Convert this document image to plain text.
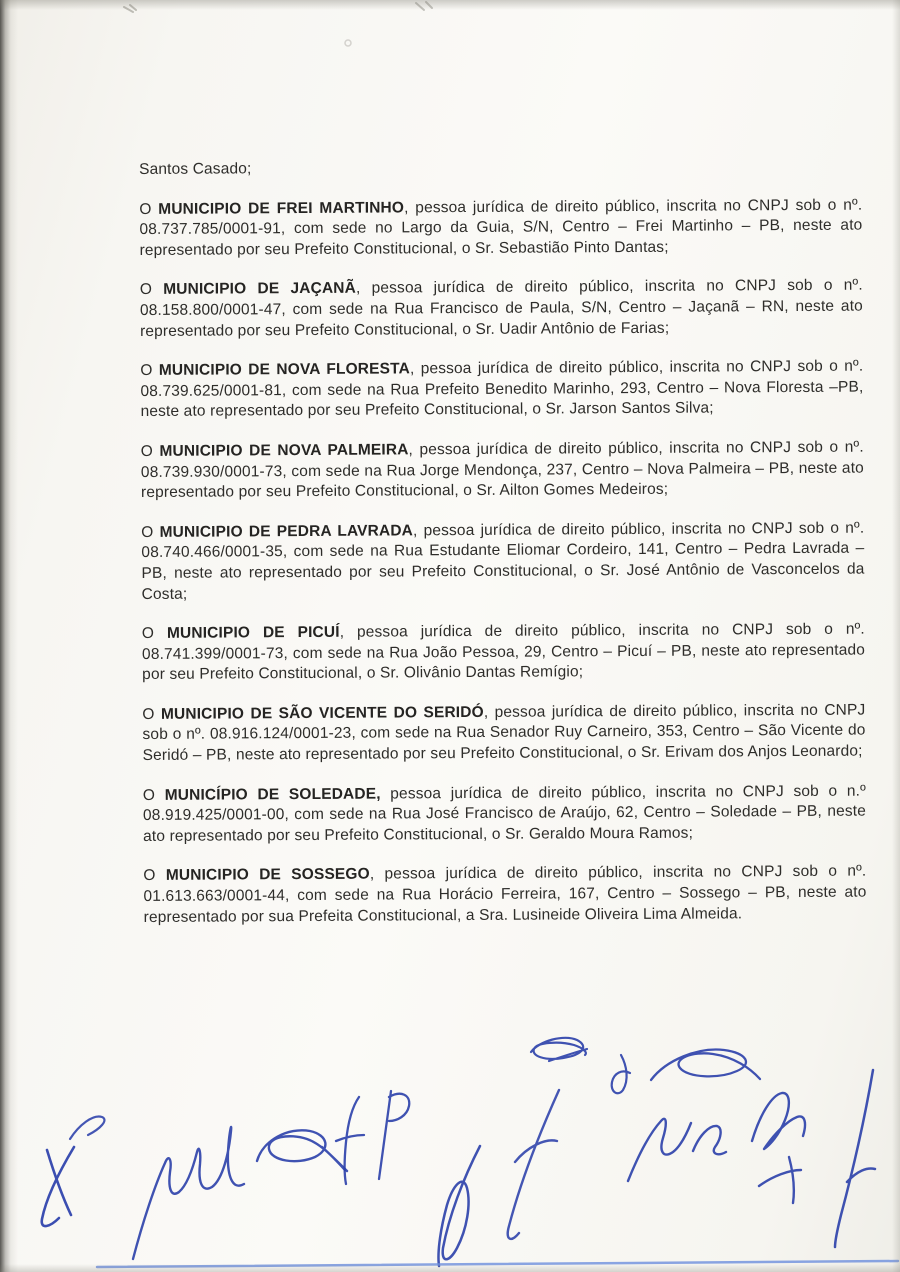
Santos Casado;

O MUNICIPIO DE FREI MARTINHO, pessoa jurídica de direito público, inscrita no CNPJ sob o nº. 08.737.785/0001-91, com sede no Largo da Guia, S/N, Centro – Frei Martinho – PB, neste ato representado por seu Prefeito Constitucional, o Sr. Sebastião Pinto Dantas;

O MUNICIPIO DE JAÇANÃ, pessoa jurídica de direito público, inscrita no CNPJ sob o nº. 08.158.800/0001-47, com sede na Rua Francisco de Paula, S/N, Centro – Jaçanã – RN, neste ato representado por seu Prefeito Constitucional, o Sr. Uadir Antônio de Farias;

O MUNICIPIO DE NOVA FLORESTA, pessoa jurídica de direito público, inscrita no CNPJ sob o nº. 08.739.625/0001-81, com sede na Rua Prefeito Benedito Marinho, 293, Centro – Nova Floresta –PB, neste ato representado por seu Prefeito Constitucional, o Sr. Jarson Santos Silva;

O MUNICIPIO DE NOVA PALMEIRA, pessoa jurídica de direito público, inscrita no CNPJ sob o nº. 08.739.930/0001-73, com sede na Rua Jorge Mendonça, 237, Centro – Nova Palmeira – PB, neste ato representado por seu Prefeito Constitucional, o Sr. Ailton Gomes Medeiros;

O MUNICIPIO DE PEDRA LAVRADA, pessoa jurídica de direito público, inscrita no CNPJ sob o nº. 08.740.466/0001-35, com sede na Rua Estudante Eliomar Cordeiro, 141, Centro – Pedra Lavrada – PB, neste ato representado por seu Prefeito Constitucional, o Sr. José Antônio de Vasconcelos da Costa;

O MUNICIPIO DE PICUÍ, pessoa jurídica de direito público, inscrita no CNPJ sob o nº. 08.741.399/0001-73, com sede na Rua João Pessoa, 29, Centro – Picuí – PB, neste ato representado por seu Prefeito Constitucional, o Sr. Olivânio Dantas Remígio;

O MUNICIPIO DE SÃO VICENTE DO SERIDÓ, pessoa jurídica de direito público, inscrita no CNPJ sob o nº. 08.916.124/0001-23, com sede na Rua Senador Ruy Carneiro, 353, Centro – São Vicente do Seridó – PB, neste ato representado por seu Prefeito Constitucional, o Sr. Erivam dos Anjos Leonardo;

O MUNICÍPIO DE SOLEDADE, pessoa jurídica de direito público, inscrita no CNPJ sob o n.º 08.919.425/0001-00, com sede na Rua José Francisco de Araújo, 62, Centro – Soledade – PB, neste ato representado por seu Prefeito Constitucional, o Sr. Geraldo Moura Ramos;

O MUNICIPIO DE SOSSEGO, pessoa jurídica de direito público, inscrita no CNPJ sob o nº. 01.613.663/0001-44, com sede na Rua Horácio Ferreira, 167, Centro – Sossego – PB, neste ato representado por sua Prefeita Constitucional, a Sra. Lusineide Oliveira Lima Almeida.
